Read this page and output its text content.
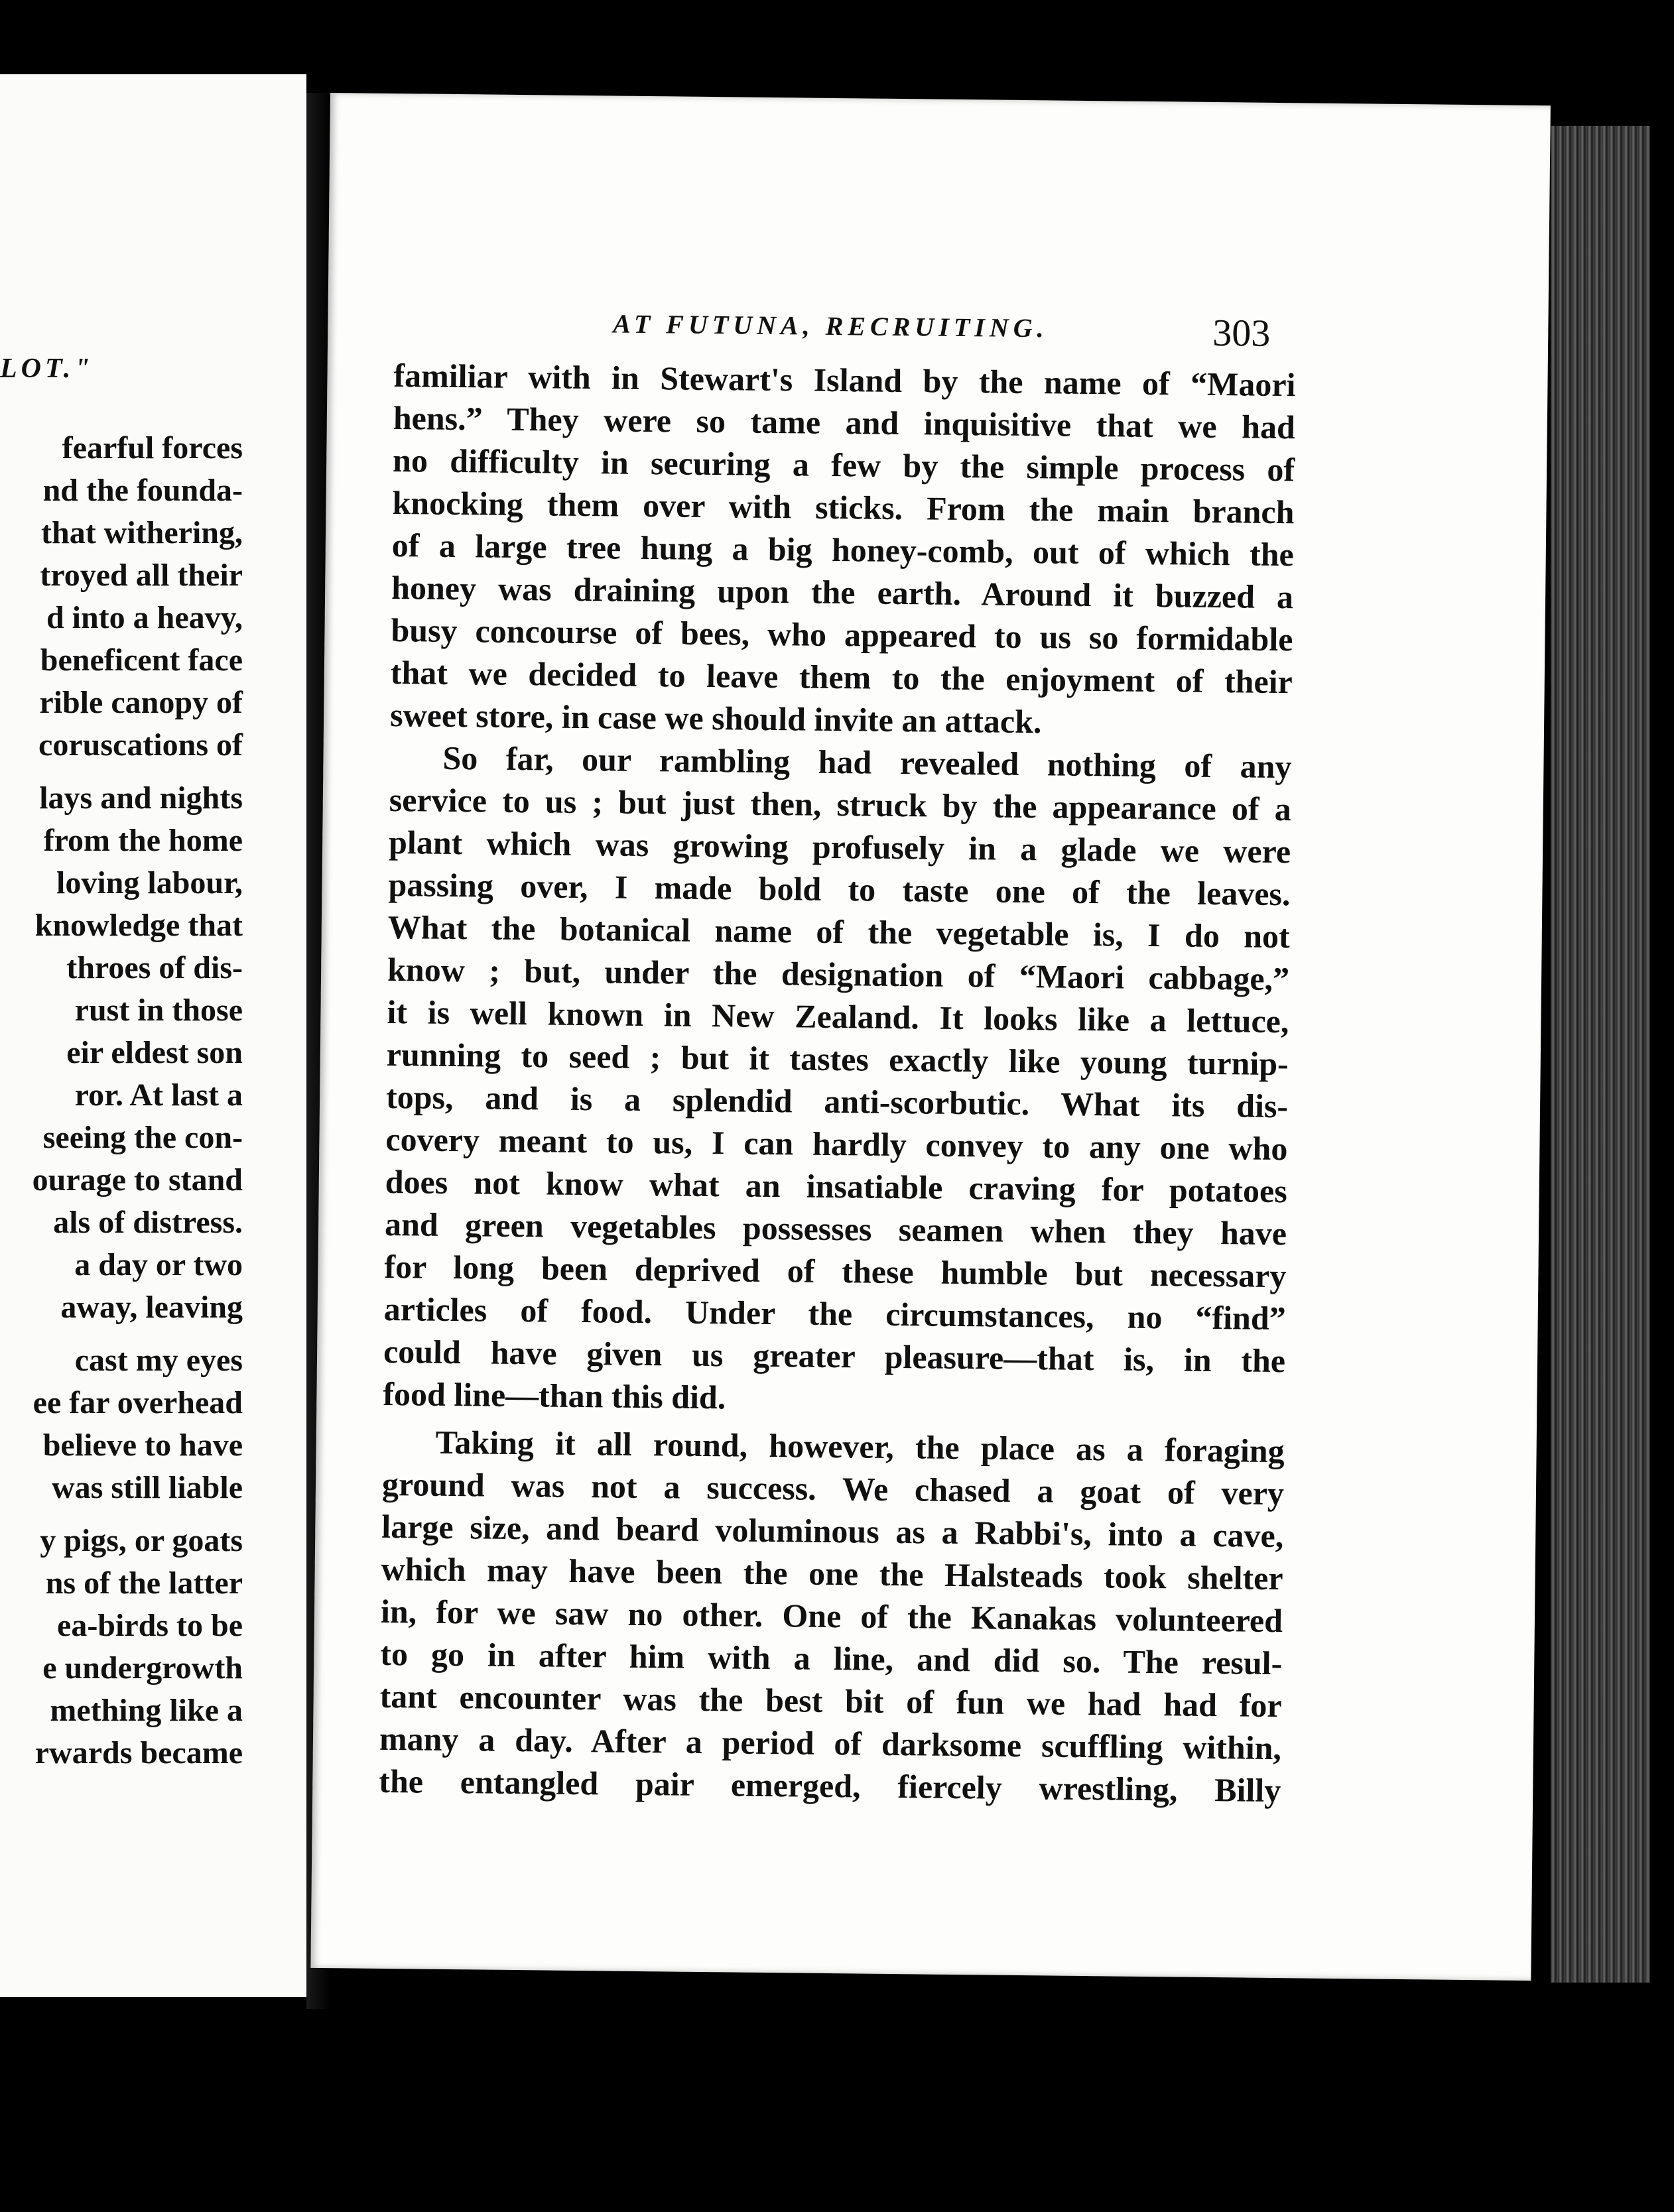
LOT."
fearful forces
nd the founda-
that withering,
troyed all their
d into a heavy,
beneficent face
rible canopy of
coruscations of
lays and nights
from the home
loving labour,
knowledge that
throes of dis-
rust in those
eir eldest son
ror. At last a
seeing the con-
ourage to stand
als of distress.
a day or two
away, leaving
cast my eyes
ee far overhead
believe to have
was still liable
y pigs, or goats
ns of the latter
ea-birds to be
e undergrowth
mething like a
rwards became
AT FUTUNA, RECRUITING.	303
familiar with in Stewart's Island by the name of “Maori
hens.” They were so tame and inquisitive that we had
no difficulty in securing a few by the simple process of
knocking them over with sticks. From the main branch
of a large tree hung a big honey-comb, out of which the
honey was draining upon the earth. Around it buzzed a
busy concourse of bees, who appeared to us so formidable
that we decided to leave them to the enjoyment of their
sweet store, in case we should invite an attack.
So far, our rambling had revealed nothing of any
service to us ; but just then, struck by the appearance of a
plant which was growing profusely in a glade we were
passing over, I made bold to taste one of the leaves.
What the botanical name of the vegetable is, I do not
know ; but, under the designation of “Maori cabbage,”
it is well known in New Zealand. It looks like a lettuce,
running to seed ; but it tastes exactly like young turnip-
tops, and is a splendid anti-scorbutic. What its dis-
covery meant to us, I can hardly convey to any one who
does not know what an insatiable craving for potatoes
and green vegetables possesses seamen when they have
for long been deprived of these humble but necessary
articles of food. Under the circumstances, no “find”
could have given us greater pleasure—that is, in the
food line—than this did.
Taking it all round, however, the place as a foraging
ground was not a success. We chased a goat of very
large size, and beard voluminous as a Rabbi's, into a cave,
which may have been the one the Halsteads took shelter
in, for we saw no other. One of the Kanakas volunteered
to go in after him with a line, and did so. The resul-
tant encounter was the best bit of fun we had had for
many a day. After a period of darksome scuffling within,
the entangled pair emerged, fiercely wrestling, Billy
